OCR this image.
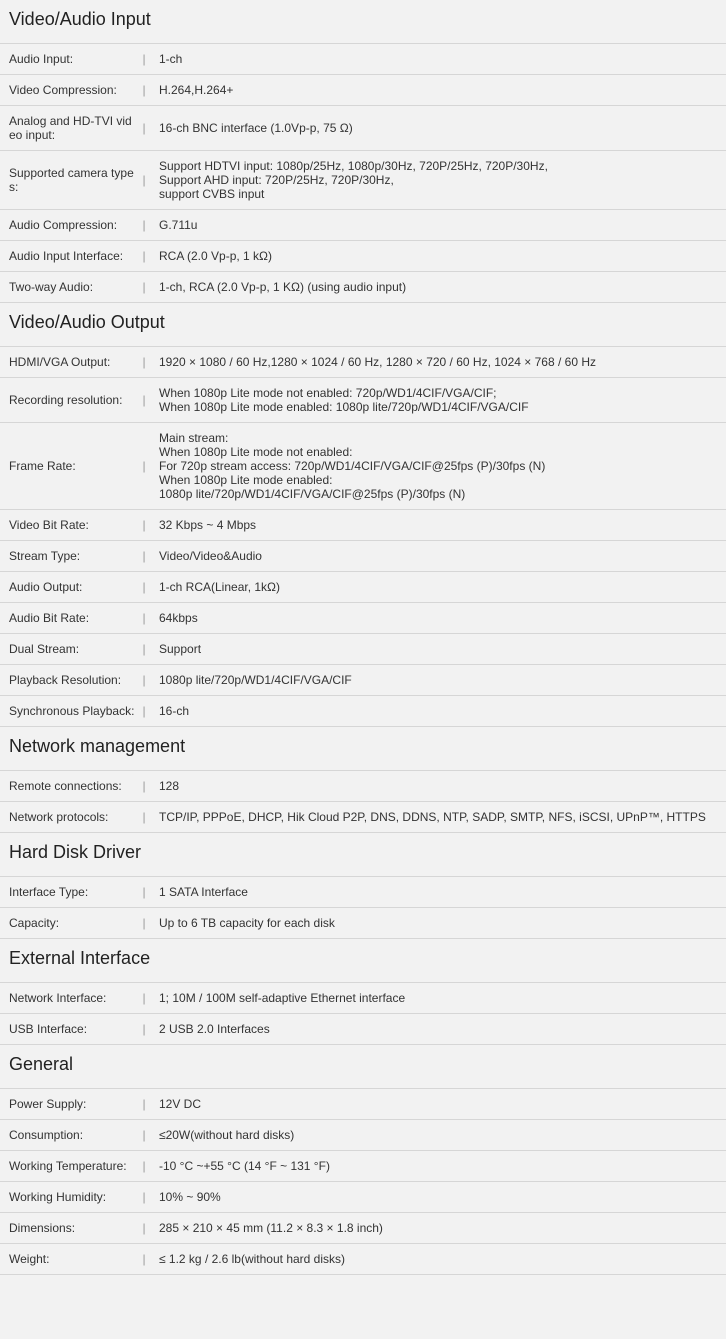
Video/Audio Input
Audio Input:	|	1-ch
Video Compression:	|	H.264,H.264+
Analog and HD-TVI video input:	|	16-ch BNC interface (1.0Vp-p, 75 Ω)
Supported camera types:	|
Support HDTVI input: 1080p/25Hz, 1080p/30Hz, 720P/25Hz, 720P/30Hz,
Support AHD input: 720P/25Hz, 720P/30Hz,
support CVBS input
Audio Compression:	|	G.711u
Audio Input Interface:	|	RCA (2.0 Vp-p, 1 kΩ)
Two-way Audio:	|	1-ch, RCA (2.0 Vp-p, 1 KΩ) (using audio input)
Video/Audio Output
HDMI/VGA Output:	|	1920 × 1080 / 60 Hz,1280 × 1024 / 60 Hz, 1280 × 720 / 60 Hz, 1024 × 768 / 60 Hz
Recording resolution:	|	When 1080p Lite mode not enabled: 720p/WD1/4CIF/VGA/CIF;
When 1080p Lite mode enabled: 1080p lite/720p/WD1/4CIF/VGA/CIF
Frame Rate:	|
Main stream:
When 1080p Lite mode not enabled:
For 720p stream access: 720p/WD1/4CIF/VGA/CIF@25fps (P)/30fps (N)
When 1080p Lite mode enabled:
1080p lite/720p/WD1/4CIF/VGA/CIF@25fps (P)/30fps (N)
Video Bit Rate:	|	32 Kbps ~ 4 Mbps
Stream Type:	|	Video/Video&Audio
Audio Output:	|	1-ch RCA(Linear, 1kΩ)
Audio Bit Rate:	|	64kbps
Dual Stream:	|	Support
Playback Resolution:	|	1080p lite/720p/WD1/4CIF/VGA/CIF
Synchronous Playback: |	16-ch
Network management
Remote connections:	|	128
Network protocols:	|	TCP/IP, PPPoE, DHCP, Hik Cloud P2P, DNS, DDNS, NTP, SADP, SMTP, NFS, iSCSI, UPnP™, HTTPS
Hard Disk Driver
Interface Type:	|	1 SATA Interface
Capacity:	|	Up to 6 TB capacity for each disk
External Interface
Network Interface:	|	1; 10M / 100M self-adaptive Ethernet interface
USB Interface:	|	2 USB 2.0 Interfaces
General
Power Supply:	|	12V DC
Consumption:	|	≤20W(without hard disks)
Working Temperature:	|	-10 °C ~+55 °C (14 °F ~ 131 °F)
Working Humidity:	|	10% ~ 90%
Dimensions:	|	285 × 210 × 45 mm (11.2 × 8.3 × 1.8 inch)
Weight:	|	≤ 1.2 kg / 2.6 lb(without hard disks)
